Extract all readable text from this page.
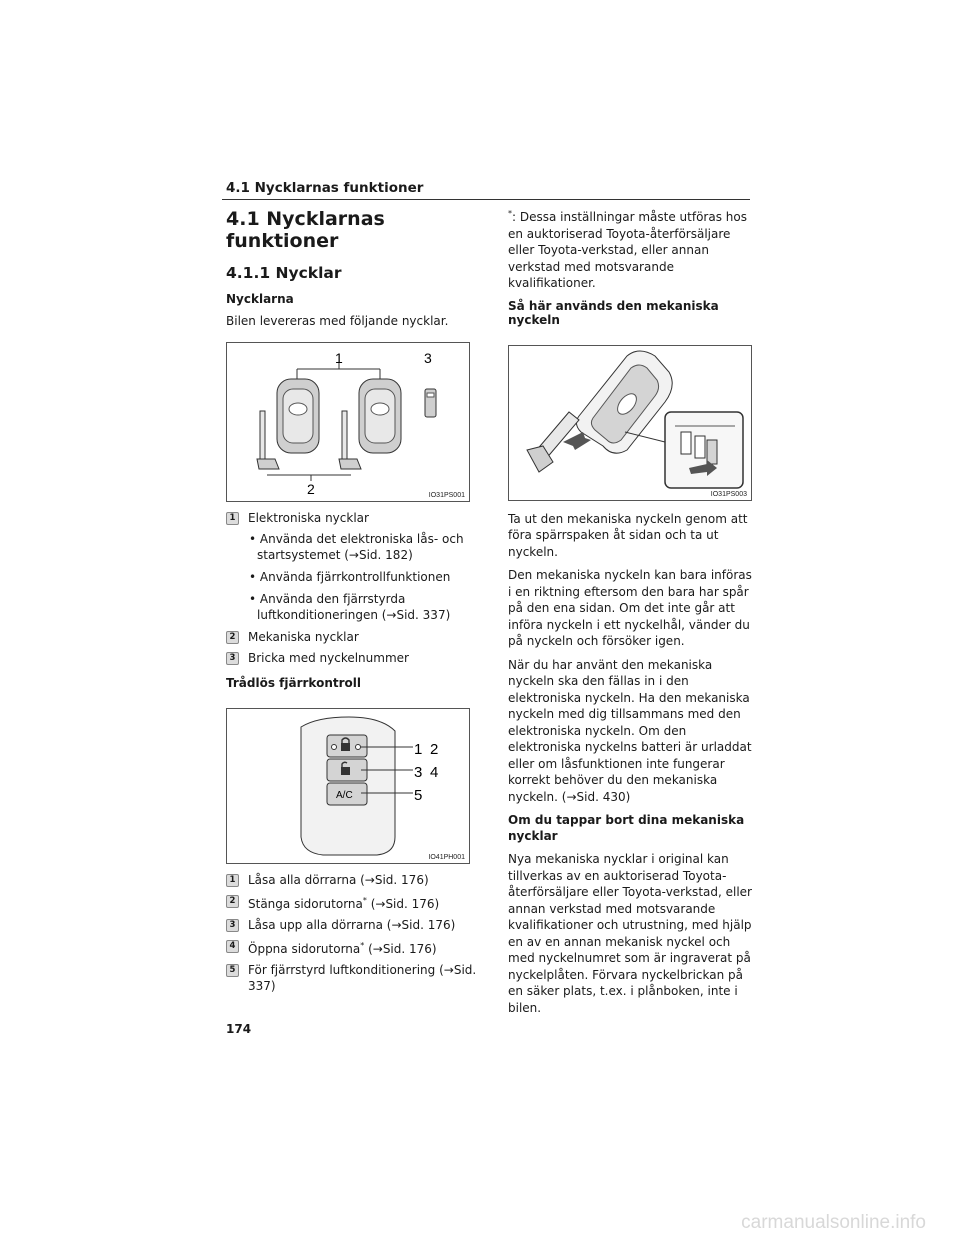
4.1 Nycklarnas funktioner
4.1 Nycklarnas funktioner
4.1.1 Nycklar
Nycklarna
Bilen levereras med följande nycklar.
1	3
2	IO31PS001
1 Elektroniska nycklar
• Använda det elektroniska lås- och startsystemet (→Sid. 182)
• Använda fjärrkontrollfunktionen
• Använda den fjärrstyrda luftkonditioneringen (→Sid. 337)
2 Mekaniska nycklar
3 Bricka med nyckelnummer
Trådlös fjärrkontroll
A/C
1 2
3 4
5
IO41PH001
1 Låsa alla dörrarna (→Sid. 176)
2 Stänga sidorutorna* (→Sid. 176)
3 Låsa upp alla dörrarna (→Sid. 176)
4 Öppna sidorutorna* (→Sid. 176)
5 För fjärrstyrd luftkonditionering (→Sid. 337)
*: Dessa inställningar måste utföras hos en auktoriserad Toyota-återförsäljare eller Toyota-verkstad, eller annan verkstad med motsvarande kvalifikationer.
Så här används den mekaniska nyckeln
IO31PS003
Ta ut den mekaniska nyckeln genom att föra spärrspaken åt sidan och ta ut nyckeln.
Den mekaniska nyckeln kan bara införas i en riktning eftersom den bara har spår på den ena sidan. Om det inte går att införa nyckeln i ett nyckelhål, vänder du på nyckeln och försöker igen.
När du har använt den mekaniska nyckeln ska den fällas in i den elektroniska nyckeln. Ha den mekaniska nyckeln med dig tillsammans med den elektroniska nyckeln. Om den elektroniska nyckelns batteri är urladdat eller om låsfunktionen inte fungerar korrekt behöver du den mekaniska nyckeln. (→Sid. 430)
Om du tappar bort dina mekaniska nycklar
Nya mekaniska nycklar i original kan tillverkas av en auktoriserad Toyota-återförsäljare eller Toyota-verkstad, eller annan verkstad med motsvarande kvalifikationer och utrustning, med hjälp en av en annan mekanisk nyckel och med nyckelnumret som är ingraverat på nyckelplåten. Förvara nyckelbrickan på en säker plats, t.ex. i plånboken, inte i bilen.
174
carmanualsonline.info
